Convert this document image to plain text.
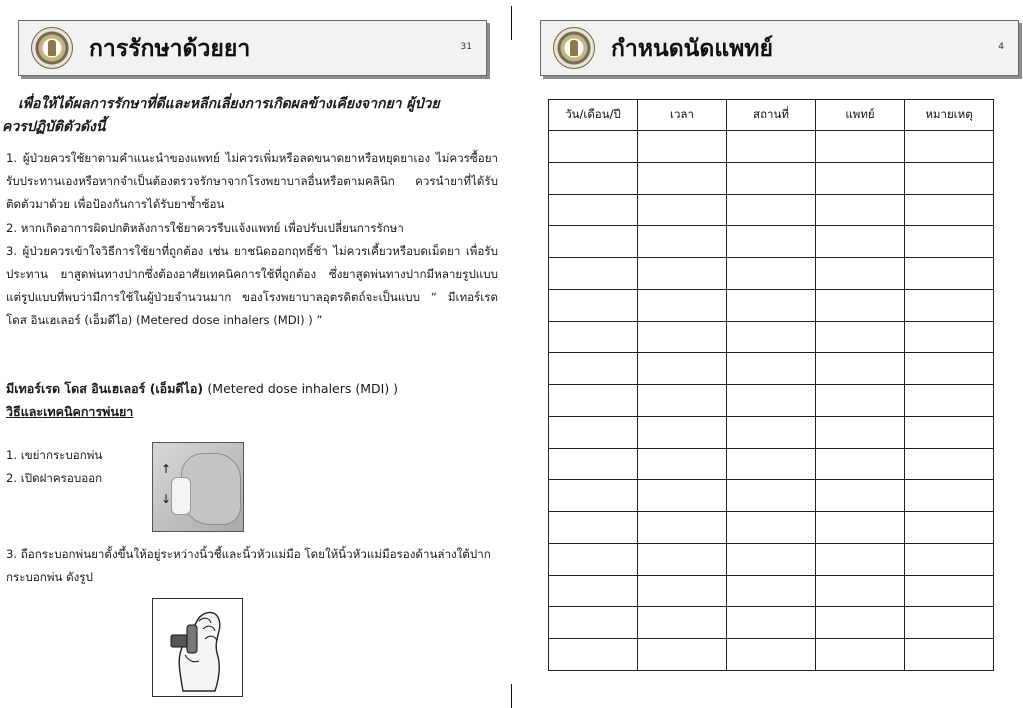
การรักษาด้วยยา	31
เพื่อให้ได้ผลการรักษาที่ดีและหลีกเลี่ยงการเกิดผลข้างเคียงจากยา ผู้ป่วย
ควรปฏิบัติตัวดังนี้

1. ผู้ป่วยควรใช้ยาตามคำแนะนำของแพทย์ ไม่ควรเพิ่มหรือลดขนาดยาหรือหยุดยาเอง ไม่ควรซื้อยารับประทานเองหรือหากจำเป็นต้องตรวจรักษาจากโรงพยาบาลอื่นหรือตามคลินิก ควรนำยาที่ได้รับติดตัวมาด้วย เพื่อป้องกันการได้รับยาซ้ำซ้อน

2. หากเกิดอาการผิดปกติหลังการใช้ยาควรรีบแจ้งแพทย์ เพื่อปรับเปลี่ยนการรักษา

3. ผู้ป่วยควรเข้าใจวิธีการใช้ยาที่ถูกต้อง เช่น ยาชนิดออกฤทธิ์ช้า ไม่ควรเคี้ยวหรือบดเม็ดยา เพื่อรับประทาน ยาสูดพ่นทางปากซึ่งต้องอาศัยเทคนิคการใช้ที่ถูกต้อง ซึ่งยาสูดพ่นทางปากมีหลายรูปแบบ แต่รูปแบบที่พบว่ามีการใช้ในผู้ป่วยจำนวนมาก ของโรงพยาบาลอุตรดิตถ์จะเป็นแบบ “ มีเทอร์เรด โดส อินเฮเลอร์ (เอ็มดีไอ) (Metered dose inhalers (MDI) ) ”

มีเทอร์เรด โดส อินเฮเลอร์ (เอ็มดีไอ) (Metered dose inhalers (MDI) )
วิธีและเทคนิคการพ่นยา
1. เขย่ากระบอกพ่น
2. เปิดฝาครอบออก
↑
↓
3. ถือกระบอกพ่นยาตั้งขึ้นให้อยู่ระหว่างนิ้วชี้และนิ้วหัวแม่มือ โดยให้นิ้วหัวแม่มือรองด้านล่างใต้ปากกระบอกพ่น ดังรูป
กำหนดนัดแพทย์	4
วัน/เดือน/ปี	เวลา	สถานที่	แพทย์	หมายเหตุ
